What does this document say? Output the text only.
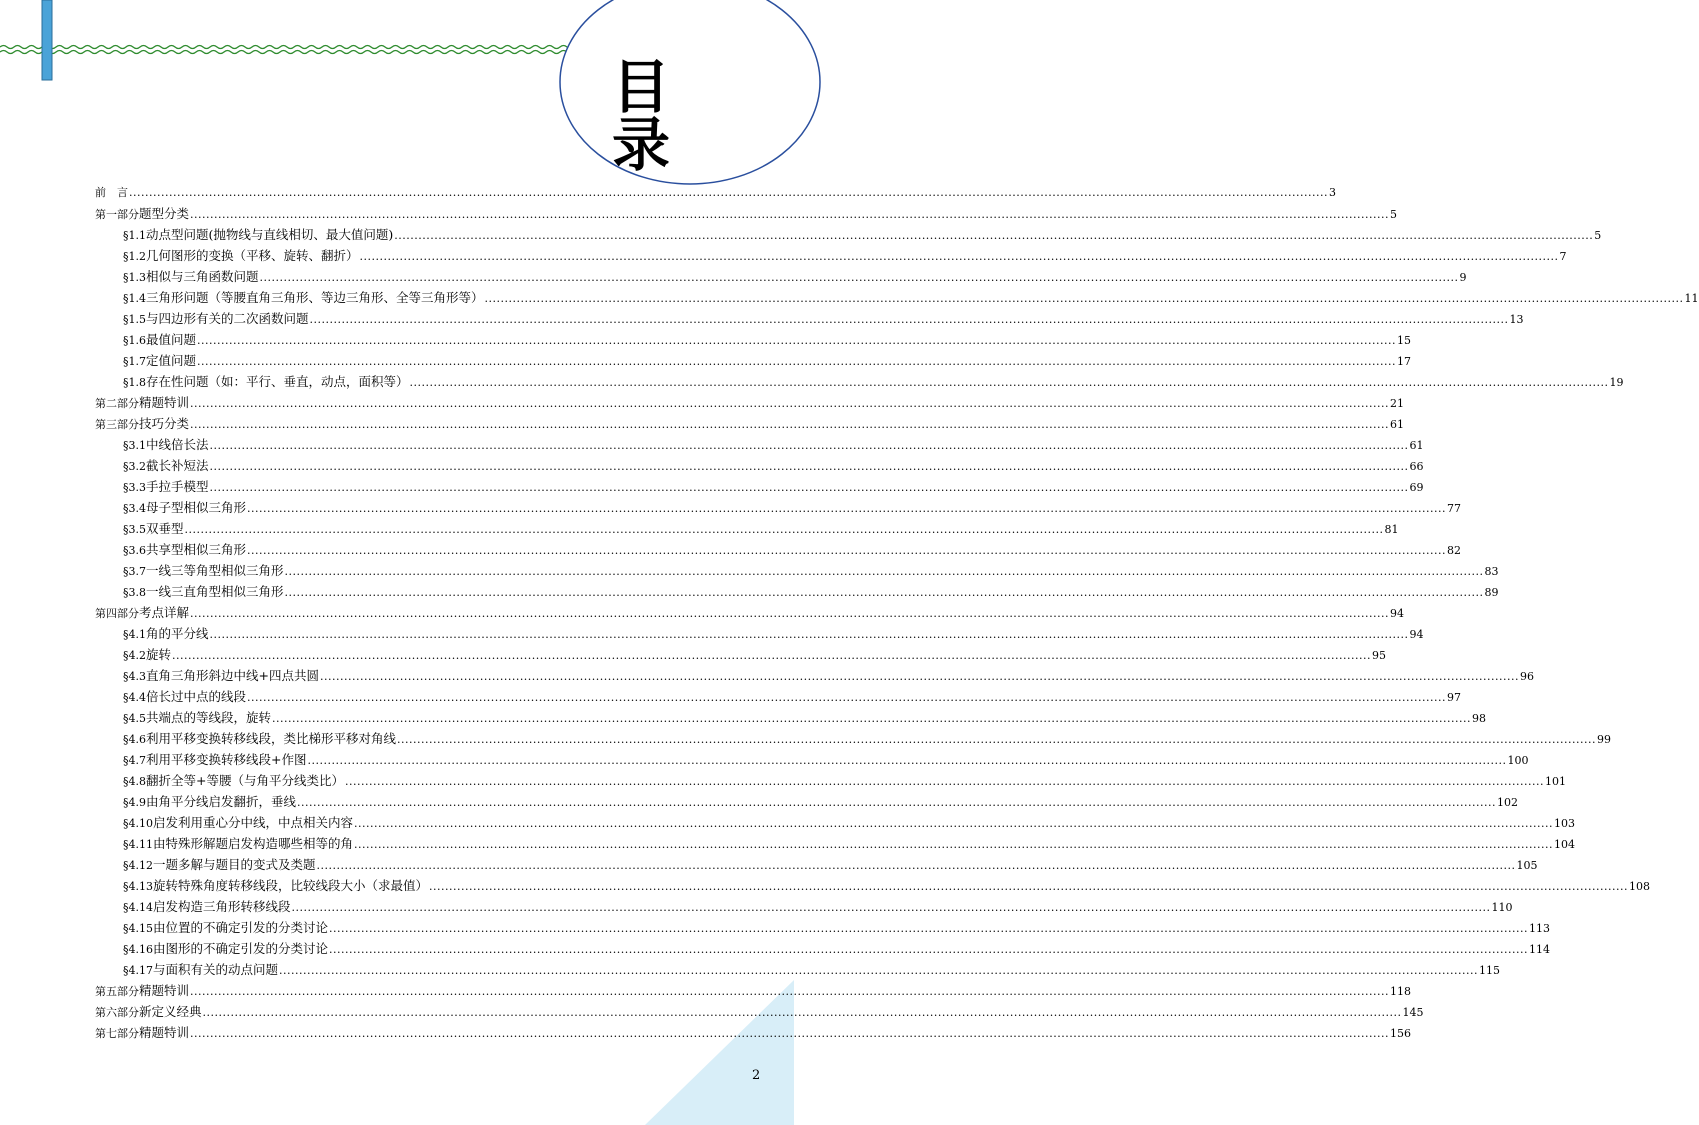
目 录
前　言 ............................................................................................................................................................................................................................................................................................................ 3
第一部分 题型分类 ............................................................................................................................................................................................................................................................................................................ 5
§1.1 动点型问题(抛物线与直线相切、最大值问题) ............................................................................................................................................................................................................................................................................................................ 5
§1.2 几何图形的变换（平移、旋转、翻折） ............................................................................................................................................................................................................................................................................................................ 7
§1.3 相似与三角函数问题 ............................................................................................................................................................................................................................................................................................................ 9
§1.4 三角形问题（等腰直角三角形、等边三角形、全等三角形等） ............................................................................................................................................................................................................................................................................................................ 11
§1.5 与四边形有关的二次函数问题 ............................................................................................................................................................................................................................................................................................................ 13
§1.6 最值问题 ............................................................................................................................................................................................................................................................................................................ 15
§1.7 定值问题 ............................................................................................................................................................................................................................................................................................................ 17
§1.8 存在性问题（如：平行、垂直，动点，面积等） ............................................................................................................................................................................................................................................................................................................ 19
第二部分 精题特训 ............................................................................................................................................................................................................................................................................................................ 21
第三部分 技巧分类 ............................................................................................................................................................................................................................................................................................................ 61
§3.1 中线倍长法 ............................................................................................................................................................................................................................................................................................................ 61
§3.2 截长补短法 ............................................................................................................................................................................................................................................................................................................ 66
§3.3 手拉手模型 ............................................................................................................................................................................................................................................................................................................ 69
§3.4 母子型相似三角形 ............................................................................................................................................................................................................................................................................................................ 77
§3.5 双垂型 ............................................................................................................................................................................................................................................................................................................ 81
§3.6 共享型相似三角形 ............................................................................................................................................................................................................................................................................................................ 82
§3.7 一线三等角型相似三角形 ............................................................................................................................................................................................................................................................................................................ 83
§3.8 一线三直角型相似三角形 ............................................................................................................................................................................................................................................................................................................ 89
第四部分 考点详解 ............................................................................................................................................................................................................................................................................................................ 94
§4.1 角的平分线 ............................................................................................................................................................................................................................................................................................................ 94
§4.2 旋转 ............................................................................................................................................................................................................................................................................................................ 95
§4.3 直角三角形斜边中线+四点共圆 ............................................................................................................................................................................................................................................................................................................ 96
§4.4 倍长过中点的线段 ............................................................................................................................................................................................................................................................................................................ 97
§4.5 共端点的等线段，旋转 ............................................................................................................................................................................................................................................................................................................ 98
§4.6 利用平移变换转移线段，类比梯形平移对角线 ............................................................................................................................................................................................................................................................................................................ 99
§4.7 利用平移变换转移线段+作图 ............................................................................................................................................................................................................................................................................................................ 100
§4.8 翻折全等+等腰（与角平分线类比） ............................................................................................................................................................................................................................................................................................................ 101
§4.9 由角平分线启发翻折，垂线 ............................................................................................................................................................................................................................................................................................................ 102
§4.10 启发利用重心分中线，中点相关内容 ............................................................................................................................................................................................................................................................................................................ 103
§4.11 由特殊形解题启发构造哪些相等的角 ............................................................................................................................................................................................................................................................................................................ 104
§4.12 一题多解与题目的变式及类题 ............................................................................................................................................................................................................................................................................................................ 105
§4.13 旋转特殊角度转移线段，比较线段大小（求最值） ............................................................................................................................................................................................................................................................................................................ 108
§4.14 启发构造三角形转移线段 ............................................................................................................................................................................................................................................................................................................ 110
§4.15 由位置的不确定引发的分类讨论 ............................................................................................................................................................................................................................................................................................................ 113
§4.16 由图形的不确定引发的分类讨论 ............................................................................................................................................................................................................................................................................................................ 114
§4.17 与面积有关的动点问题 ............................................................................................................................................................................................................................................................................................................ 115
第五部分 精题特训 ............................................................................................................................................................................................................................................................................................................ 118
第六部分 新定义经典 ............................................................................................................................................................................................................................................................................................................ 145
第七部分 精题特训 ............................................................................................................................................................................................................................................................................................................ 156
2
